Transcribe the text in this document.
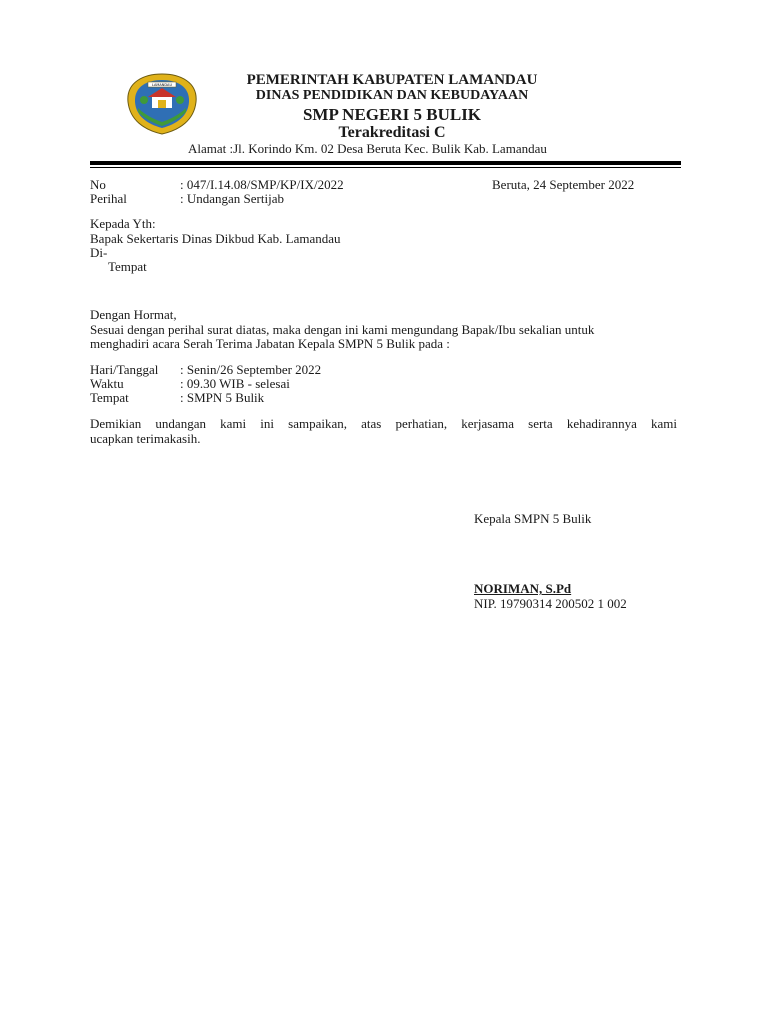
LAMANDAU	PEMERINTAH KABUPATEN LAMANDAU
DINAS PENDIDIKAN DAN KEBUDAYAAN
SMP NEGERI 5 BULIK
Terakreditasi C
Alamat :Jl. Korindo Km. 02 Desa Beruta Kec. Bulik Kab. Lamandau
No	: 047/I.14.08/SMP/KP/IX/2022	Beruta, 24 September 2022
Perihal	: Undangan Sertijab
Kepada Yth:
Bapak Sekertaris Dinas Dikbud Kab. Lamandau
Di-
Tempat
Dengan Hormat,
Sesuai dengan perihal surat diatas, maka dengan ini kami mengundang Bapak/Ibu sekalian untuk
menghadiri acara Serah Terima Jabatan Kepala SMPN 5 Bulik pada :
Hari/Tanggal : Senin/26 September 2022
Waktu	: 09.30 WIB - selesai
Tempat	: SMPN 5 Bulik
Demikian undangan kami ini sampaikan, atas perhatian, kerjasama serta kehadirannya kami
ucapkan terimakasih.
Kepala SMPN 5 Bulik
NORIMAN, S.Pd
NIP. 19790314 200502 1 002
